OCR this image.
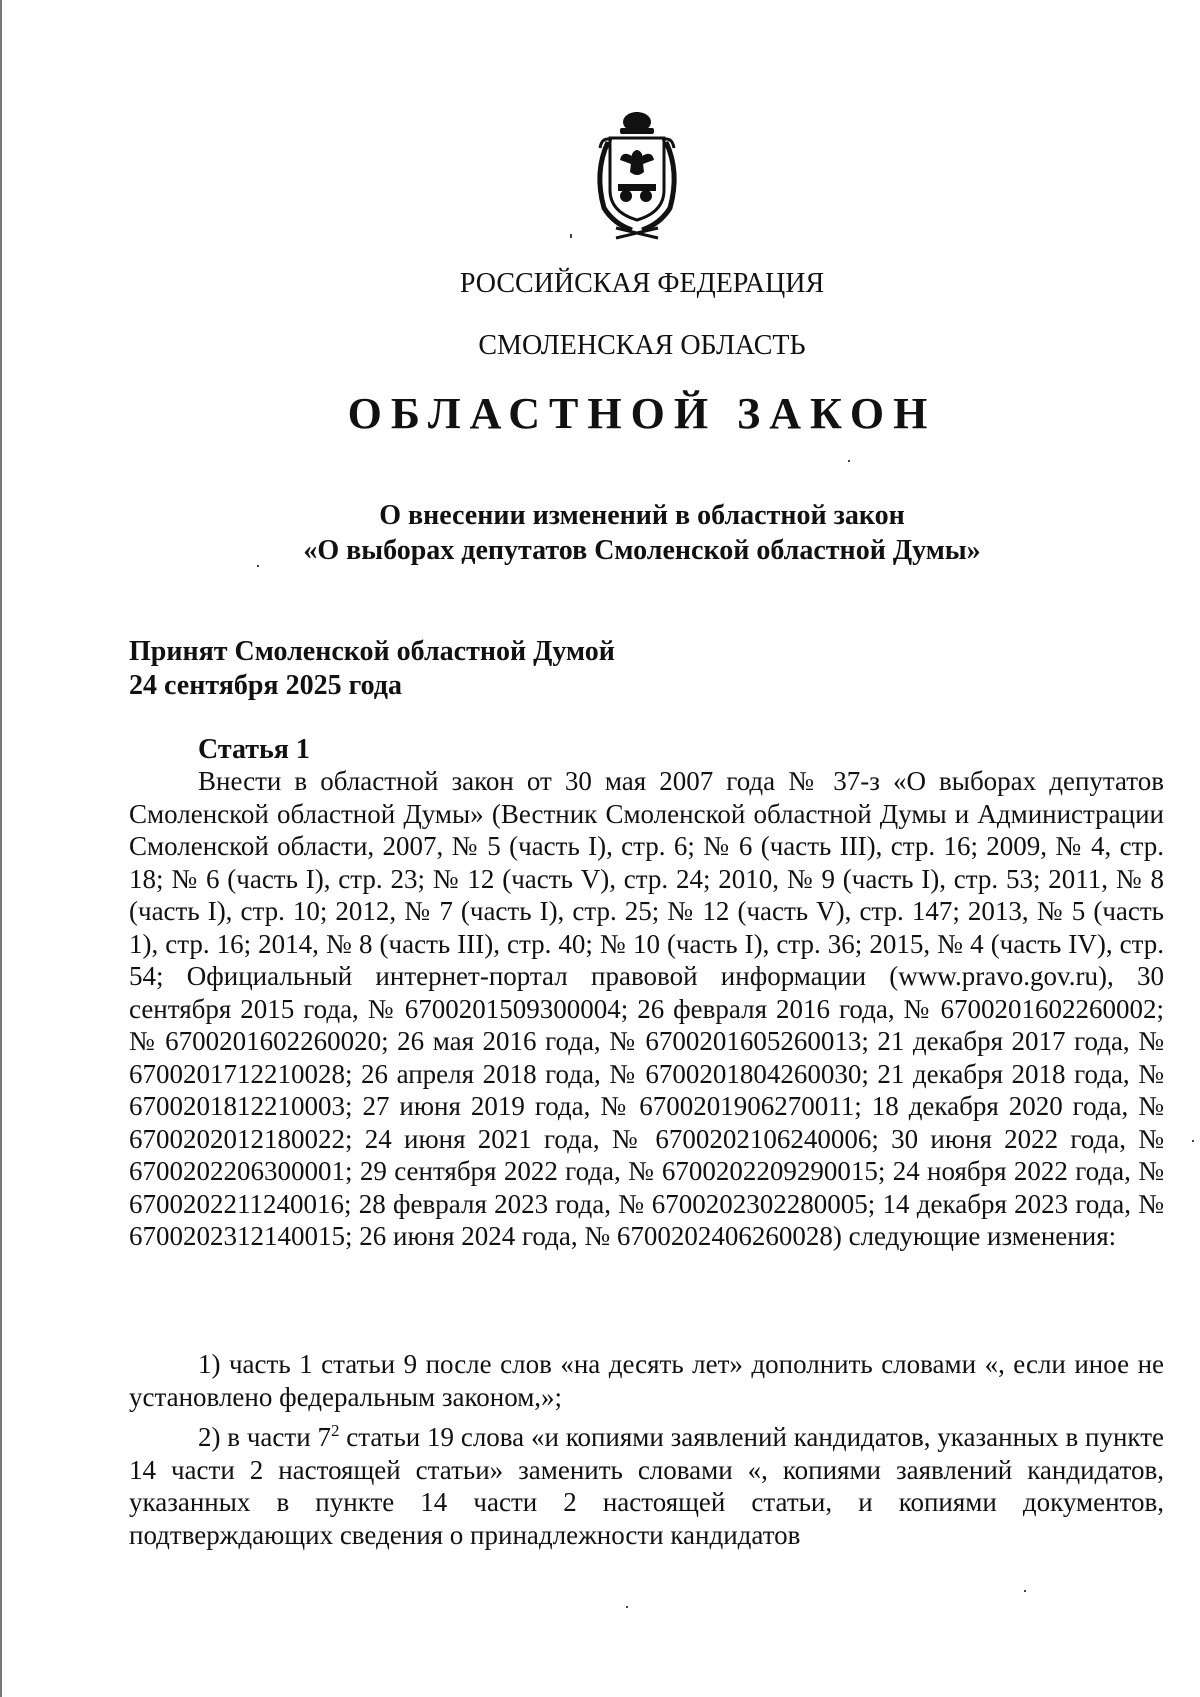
РОССИЙСКАЯ ФЕДЕРАЦИЯ
СМОЛЕНСКАЯ ОБЛАСТЬ
ОБЛАСТНОЙ ЗАКОН
О внесении изменений в областной закон
«О выборах депутатов Смоленской областной Думы»
Принят Смоленской областной Думой
24 сентября 2025 года
Статья 1
Внести в областной закон от 30 мая 2007 года № 37-з «О выборах депутатов Смоленской областной Думы» (Вестник Смоленской областной Думы и Администрации Смоленской области, 2007, № 5 (часть I), стр. 6; № 6 (часть III), стр. 16; 2009, № 4, стр. 18; № 6 (часть I), стр. 23; № 12 (часть V), стр. 24; 2010, № 9 (часть I), стр. 53; 2011, № 8 (часть I), стр. 10; 2012, № 7 (часть I), стр. 25; № 12 (часть V), стр. 147; 2013, № 5 (часть 1), стр. 16; 2014, № 8 (часть III), стр. 40; № 10 (часть I), стр. 36; 2015, № 4 (часть IV), стр. 54; Официальный интернет-портал правовой информации (www.pravo.gov.ru), 30 сентября 2015 года, № 6700201509300004; 26 февраля 2016 года, № 6700201602260002; № 6700201602260020; 26 мая 2016 года, № 6700201605260013; 21 декабря 2017 года, № 6700201712210028; 26 апреля 2018 года, № 6700201804260030; 21 декабря 2018 года, № 6700201812210003; 27 июня 2019 года, № 6700201906270011; 18 декабря 2020 года, № 6700202012180022; 24 июня 2021 года, № 6700202106240006; 30 июня 2022 года, № 6700202206300001; 29 сентября 2022 года, № 6700202209290015; 24 ноября 2022 года, № 6700202211240016; 28 февраля 2023 года, № 6700202302280005; 14 декабря 2023 года, № 6700202312140015; 26 июня 2024 года, № 6700202406260028) следующие изменения:
1) часть 1 статьи 9 после слов «на десять лет» дополнить словами «, если иное не установлено федеральным законом,»;
2) в части $7^2$ статьи 19 слова «и копиями заявлений кандидатов, указанных в пункте 14 части 2 настоящей статьи» заменить словами «, копиями заявлений кандидатов, указанных в пункте 14 части 2 настоящей статьи, и копиями документов, подтверждающих сведения о принадлежности кандидатов
